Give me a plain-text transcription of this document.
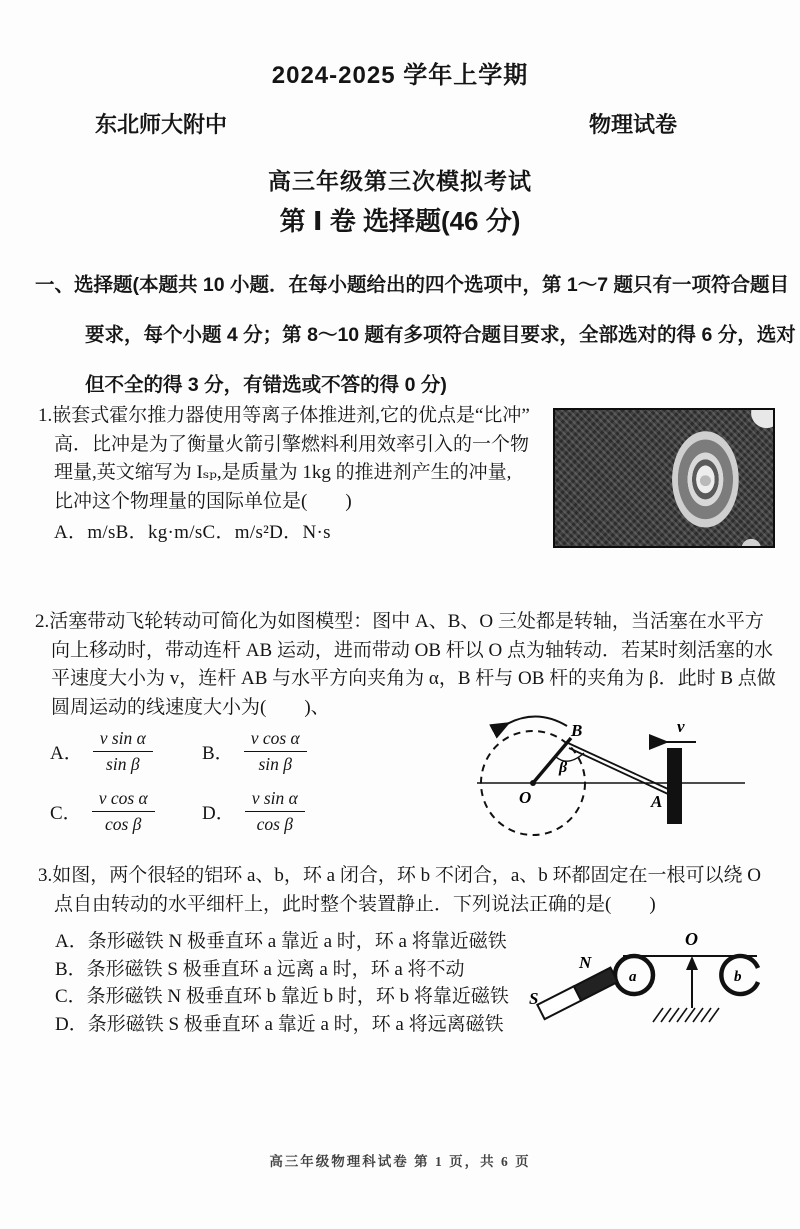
2024-2025 学年上学期
东北师大附中	物理试卷
高三年级第三次模拟考试
第 Ⅰ 卷 选择题(46 分)
一、选择题(本题共 10 小题．在每小题给出的四个选项中，第 1～7 题只有一项符合题目
要求，每个小题 4 分；第 8～10 题有多项符合题目要求，全部选对的得 6 分，选对
但不全的得 3 分，有错选或不答的得 0 分)
1.嵌套式霍尔推力器使用等离子体推进剂,它的优点是“比冲”
高．比冲是为了衡量火箭引擎燃料利用效率引入的一个物
理量,英文缩写为 Iₛₚ,是质量为 1kg 的推进剂产生的冲量,
比冲这个物理量的国际单位是(　　)
A．m/sB．kg·m/sC．m/s²D．N·s
2.活塞带动飞轮转动可简化为如图模型：图中 A、B、O 三处都是转轴，当活塞在水平方
向上移动时，带动连杆 AB 运动，进而带动 OB 杆以 O 点为轴转动．若某时刻活塞的水
平速度大小为 v，连杆 AB 与水平方向夹角为 α，B 杆与 OB 杆的夹角为 β．此时 B 点做
圆周运动的线速度大小为(　　)、
A． $\frac{\text{v sin α}}{\text{sin β}}$	B． $\frac{\text{v cos α}}{\text{sin β}}$
C． $\frac{\text{v cos α}}{\text{cos β}}$ D． $\frac{\text{v sin α}}{\text{cos β}}$
v
B
β
O	A
3.如图，两个很轻的铝环 a、b，环 a 闭合，环 b 不闭合，a、b 环都固定在一根可以绕 O
点自由转动的水平细杆上，此时整个装置静止．下列说法正确的是(　　)
A．条形磁铁 N 极垂直环 a 靠近 a 时，环 a 将靠近磁铁
B．条形磁铁 S 极垂直环 a 远离 a 时，环 a 将不动
C．条形磁铁 N 极垂直环 b 靠近 b 时，环 b 将靠近磁铁
D．条形磁铁 S 极垂直环 a 靠近 a 时，环 a 将远离磁铁
O
a	b
N
S
高三年级物理科试卷 第 1 页，共 6 页
